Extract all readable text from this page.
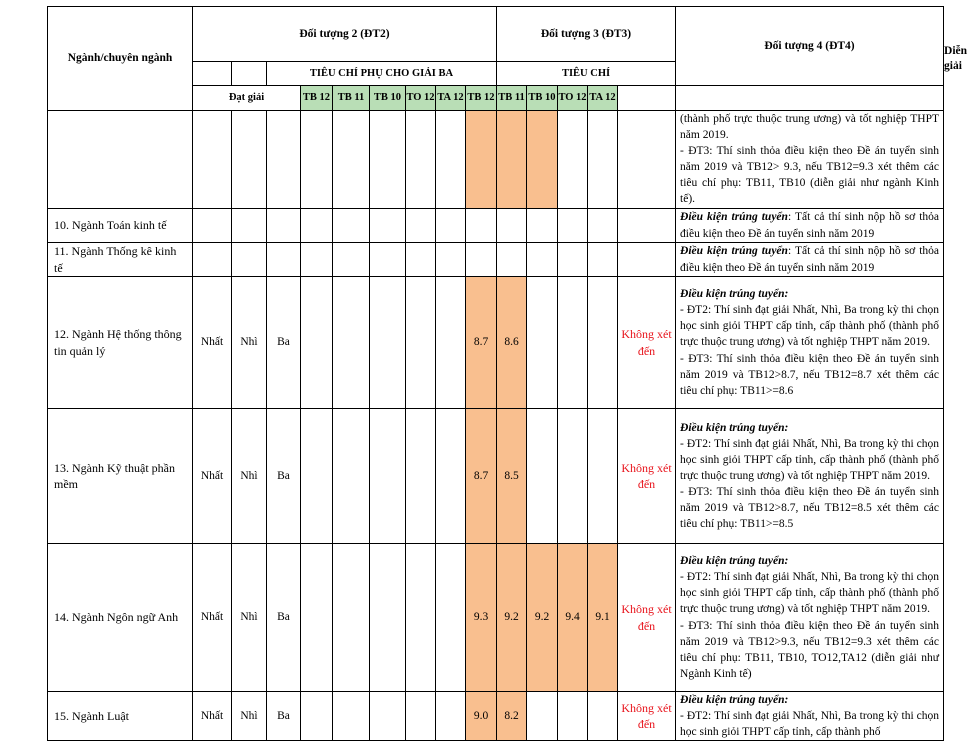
Ngành/chuyên ngành	Đối tượng 2 (ĐT2)									Đối tượng 3 (ĐT3)					Đối tượng 4 (ĐT4)	Diễn giải
			TIÊU CHÍ PHỤ CHO GIẢI BA							TIÊU CHÍ						
	Đạt giải			TB 12	TB 11	TB 10	TO 12	TA 12	TB 12	TB 11	TB 10	TO 12	TA 12			

															(thành phố trực thuộc trung ương) và tốt nghiệp THPT năm 2019.

- ĐT3: Thí sinh thỏa điều kiện theo Đề án tuyển sinh năm 2019 và TB12> 9.3, nếu TB12=9.3 xét thêm các tiêu chí phụ: TB11, TB10 (diễn giải như ngành Kinh tế).	

10. Ngành Toán kinh tế															Điều kiện trúng tuyển: Tất cả thí sinh nộp hồ sơ thỏa điều kiện theo Đề án tuyển sinh năm 2019	

11. Ngành Thống kê kinh tế															Điều kiện trúng tuyển: Tất cả thí sinh nộp hồ sơ thỏa điều kiện theo Đề án tuyển sinh năm 2019	

12. Ngành Hệ thống thông tin quản lý	Nhất	Nhì	Ba						8.7	8.6				Không xét đến	Điều kiện trúng tuyển:

- ĐT2: Thí sinh đạt giải Nhất, Nhì, Ba trong kỳ thi chọn học sinh giỏi THPT cấp tỉnh, cấp thành phố (thành phố trực thuộc trung ương) và tốt nghiệp THPT năm 2019.

- ĐT3: Thí sinh thỏa điều kiện theo Đề án tuyển sinh năm 2019 và TB12>8.7, nếu TB12=8.7 xét thêm các tiêu chí phụ: TB11>=8.6	

13. Ngành Kỹ thuật phần mềm	Nhất	Nhì	Ba						8.7	8.5				Không xét đến	Điều kiện trúng tuyển:

- ĐT2: Thí sinh đạt giải Nhất, Nhì, Ba trong kỳ thi chọn học sinh giỏi THPT cấp tỉnh, cấp thành phố (thành phố trực thuộc trung ương) và tốt nghiệp THPT năm 2019.

- ĐT3: Thí sinh thỏa điều kiện theo Đề án tuyển sinh năm 2019 và TB12>8.7, nếu TB12=8.5 xét thêm các tiêu chí phụ: TB11>=8.5	

14. Ngành Ngôn ngữ Anh	Nhất	Nhì	Ba						9.3	9.2	9.2	9.4	9.1	Không xét đến	Điều kiện trúng tuyển:

- ĐT2: Thí sinh đạt giải Nhất, Nhì, Ba trong kỳ thi chọn học sinh giỏi THPT cấp tỉnh, cấp thành phố (thành phố trực thuộc trung ương) và tốt nghiệp THPT năm 2019.

- ĐT3: Thí sinh thỏa điều kiện theo Đề án tuyển sinh năm 2019 và TB12>9.3, nếu TB12=9.3 xét thêm các tiêu chí phụ: TB11, TB10, TO12,TA12 (diễn giải như Ngành Kinh tế)	

15. Ngành Luật	Nhất	Nhì	Ba						9.0	8.2				Không xét đến	Điều kiện trúng tuyển:

- ĐT2: Thí sinh đạt giải Nhất, Nhì, Ba trong kỳ thi chọn học sinh giỏi THPT cấp tỉnh, cấp thành phố	
